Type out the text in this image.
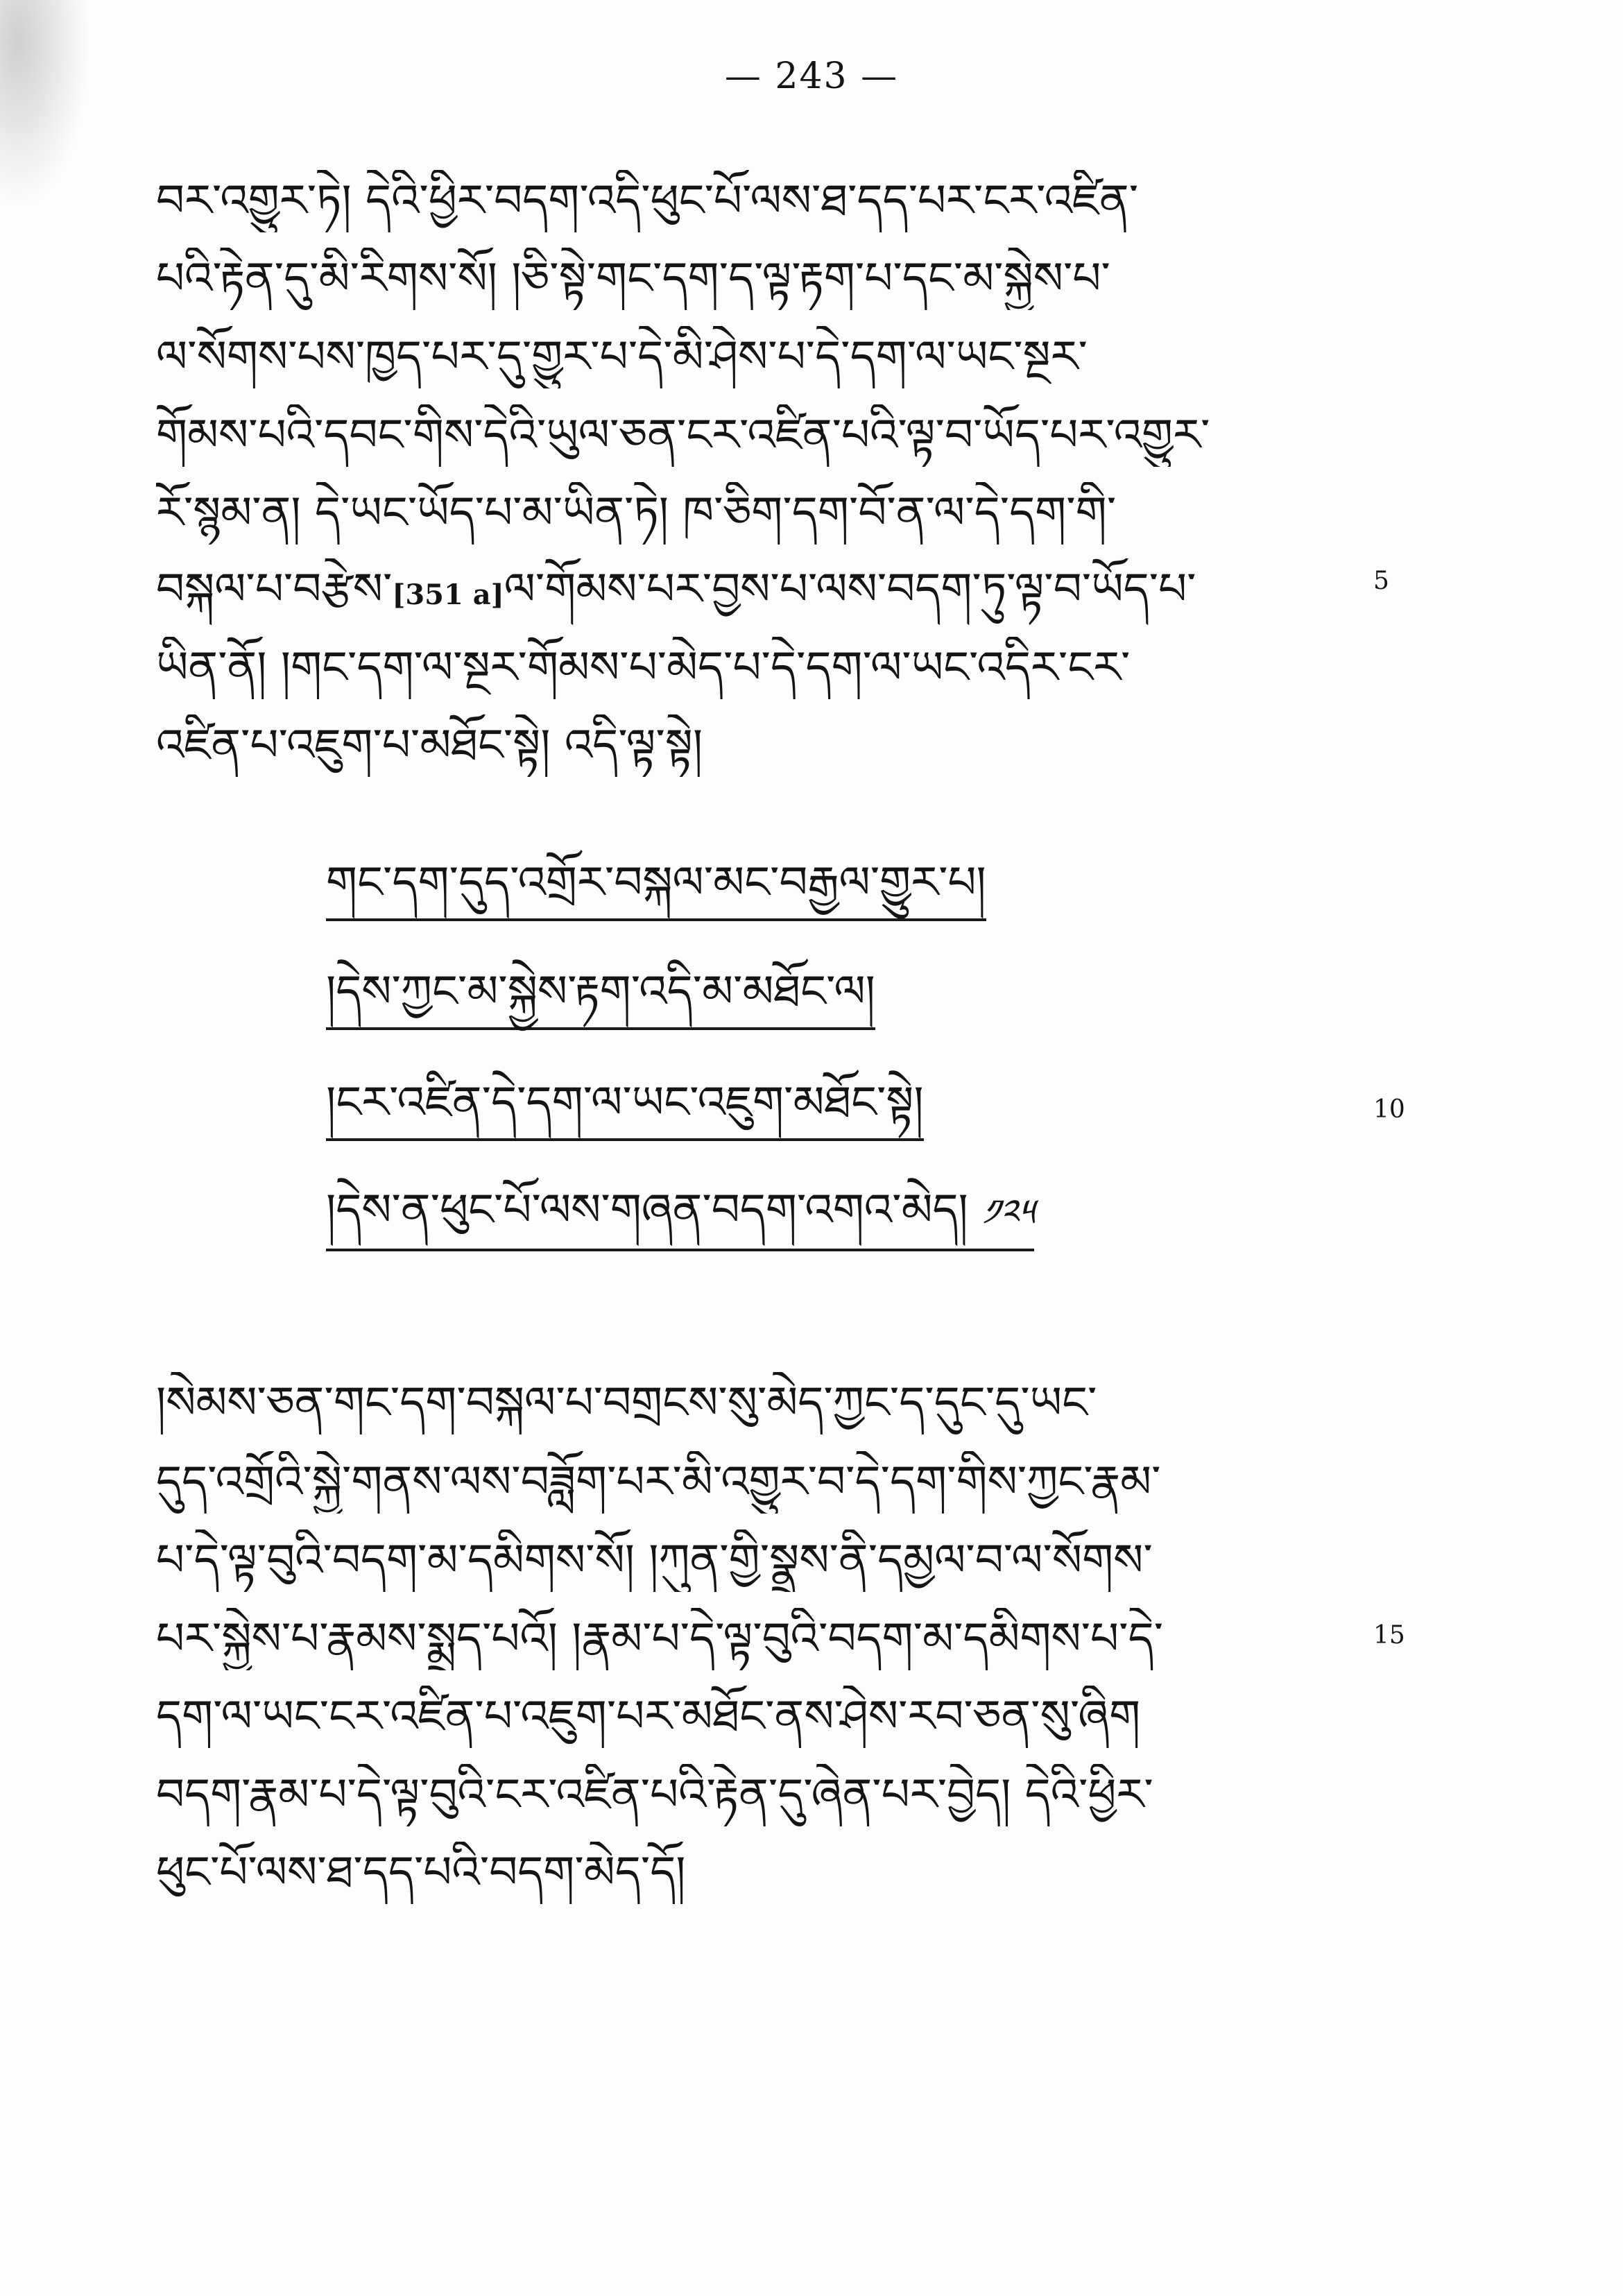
— 243 —
བར་འགྱུར་ཏེ། དེའི་ཕྱིར་བདག་འདི་ཕུང་པོ་ལས་ཐ་དད་པར་ངར་འཛིན་
པའི་རྟེན་དུ་མི་རིགས་སོ། །ཅི་སྟེ་གང་དག་ད་ལྟ་རྟག་པ་དང་མ་སྐྱེས་པ་
ལ་སོགས་པས་ཁྱད་པར་དུ་གྱུར་པ་དེ་མི་ཤེས་པ་དེ་དག་ལ་ཡང་སྔར་
གོམས་པའི་དབང་གིས་དེའི་ཡུལ་ཅན་ངར་འཛིན་པའི་ལྟ་བ་ཡོད་པར་འགྱུར་
རོ་སྙམ་ན། དེ་ཡང་ཡོད་པ་མ་ཡིན་ཏེ། ཁ་ཅིག་དག་བོ་ན་ལ་དེ་དག་གི་
བསྐལ་པ་བརྩེས་[351 a]ལ་གོམས་པར་བྱས་པ་ལས་བདག་ཏུ་ལྟ་བ་ཡོད་པ་
ཡིན་ནོ། །གང་དག་ལ་སྔར་གོམས་པ་མེད་པ་དེ་དག་ལ་ཡང་འདིར་ངར་
འཛིན་པ་འཇུག་པ་མཐོང་སྟེ། འདི་ལྟ་སྟེ།
གང་དག་དུད་འགྲོར་བསྐལ་མང་བརྒྱལ་གྱུར་པ།
།དེས་ཀྱང་མ་སྐྱེས་རྟག་འདི་མ་མཐོང་ལ།
།ངར་འཛིན་དེ་དག་ལ་ཡང་འཇུག་མཐོང་སྟེ།
།དེས་ན་ཕུང་པོ་ལས་གཞན་བདག་འགའ་མེད། ༡༢༥
།སེམས་ཅན་གང་དག་བསྐལ་པ་བགྲངས་སུ་མེད་ཀྱང་ད་དུང་དུ་ཡང་
དུད་འགྲོའི་སྐྱེ་གནས་ལས་བཟློག་པར་མི་འགྱུར་བ་དེ་དག་གིས་ཀྱང་རྣམ་
པ་དེ་ལྟ་བུའི་བདག་མ་དམིགས་སོ། །ཀུན་གྱི་སྣྲས་ནི་དམྱལ་བ་ལ་སོགས་
པར་སྐྱེས་པ་རྣམས་སྨྲད་པའོ། །རྣམ་པ་དེ་ལྟ་བུའི་བདག་མ་དམིགས་པ་དེ་
དག་ལ་ཡང་ངར་འཛིན་པ་འཇུག་པར་མཐོང་ནས་ཤེས་རབ་ཅན་སུ་ཞིག
བདག་རྣམ་པ་དེ་ལྟ་བུའི་ངར་འཛིན་པའི་རྟེན་དུ་ཞེན་པར་བྱེད། དེའི་ཕྱིར་
ཕུང་པོ་ལས་ཐ་དད་པའི་བདག་མེད་དོ།
5
10
15
